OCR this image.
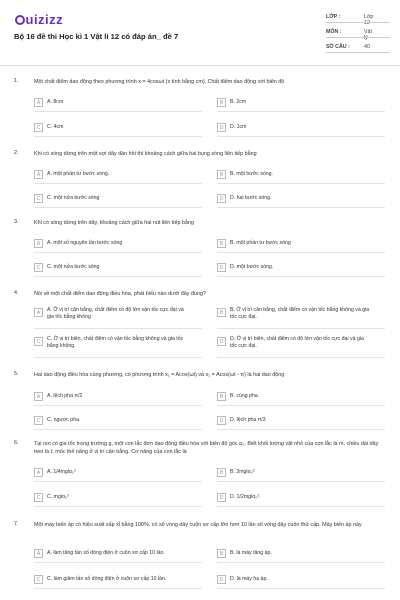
uizizz
Bộ 16 đề thi Học kì 1 Vật lí 12 có đáp án_ đề 7
LỚP :	Lớp 12
MÔN :	Vật lý
SỐ CÂU :	40
1.	Một chất điểm dao động theo phương trình x = 4cosωt (x tính bằng cm). Chất điểm dao động với biên độ
A	A. 8cm	B	B. 2cm
C	C. 4cm	D	D. 1cm
2.	Khi có sóng dừng trên một sợi dây đàn hồi thì khoảng cách giữa hai bụng sóng liên tiếp bằng
A	A. một phần tư bước sóng.	B	B. một bước sóng.
C	C. một nửa bước sóng	D	D. hai bước sóng.
3.	Khi có sóng dừng trên dây, khoảng cách giữa hai nút liên tiếp bằng
A	A. một số nguyên lần bước sóng	B	B. một phần tư bước sóng
C	C. một nửa bước sóng	D	D. một bước sóng.
4.	Nói về một chất điểm dao động điều hòa, phát biểu nào dưới đây đúng?
A	A. Ở vị trí cân bằng, chất điểm có độ lớn vận tốc cực đại và gia tốc bằng không
B	B. Ở vị trí cân bằng, chất điểm có vận tốc bằng không và gia tốc cực đại.
C	C. Ở vị trí biên, chất điểm có vận tốc bằng không và gia tốc bằng không.
D	D. Ở vị trí biên, chất điểm có độ lớn vận tốc cực đại và gia tốc cực đại.
5.	Hai dao động điều hòa cùng phương, có phương trình x₁ = Acos(ωt) và x₂ = Acos(ωt - π) là hai dao động
A	A. lệch pha π/2	B	B. cùng pha.
C	C. ngược pha.	D	D. lệch pha π/3
6.	Tại nơi có gia tốc trọng trường g, một con lắc đơn dao động điều hòa với biên độ góc α₀. Biết khối lượng vật nhỏ của con lắc là m, chiều dài dây treo là ℓ, mốc thế năng ở vị trí cân bằng. Cơ năng của con lắc là
A	A. 1/4mglα₀²	B	B. 2mglα₀²
C	C. mglα₀²	D	D. 1/2mglα₀².
7.	Một máy biến áp có hiệu suất xấp xỉ bằng 100%, có số vòng dây cuộn sơ cấp lớn hơn 10 lần số vòng dây cuộn thứ cấp. Máy biến áp này
A	A. làm tăng tần số dòng điện ở cuộn sơ cấp 10 lần.	B	B. là máy tăng áp.
C	C. làm giảm tần số dòng điện ở cuộn sơ cấp 10 lần.	D	D. là máy hạ áp.
